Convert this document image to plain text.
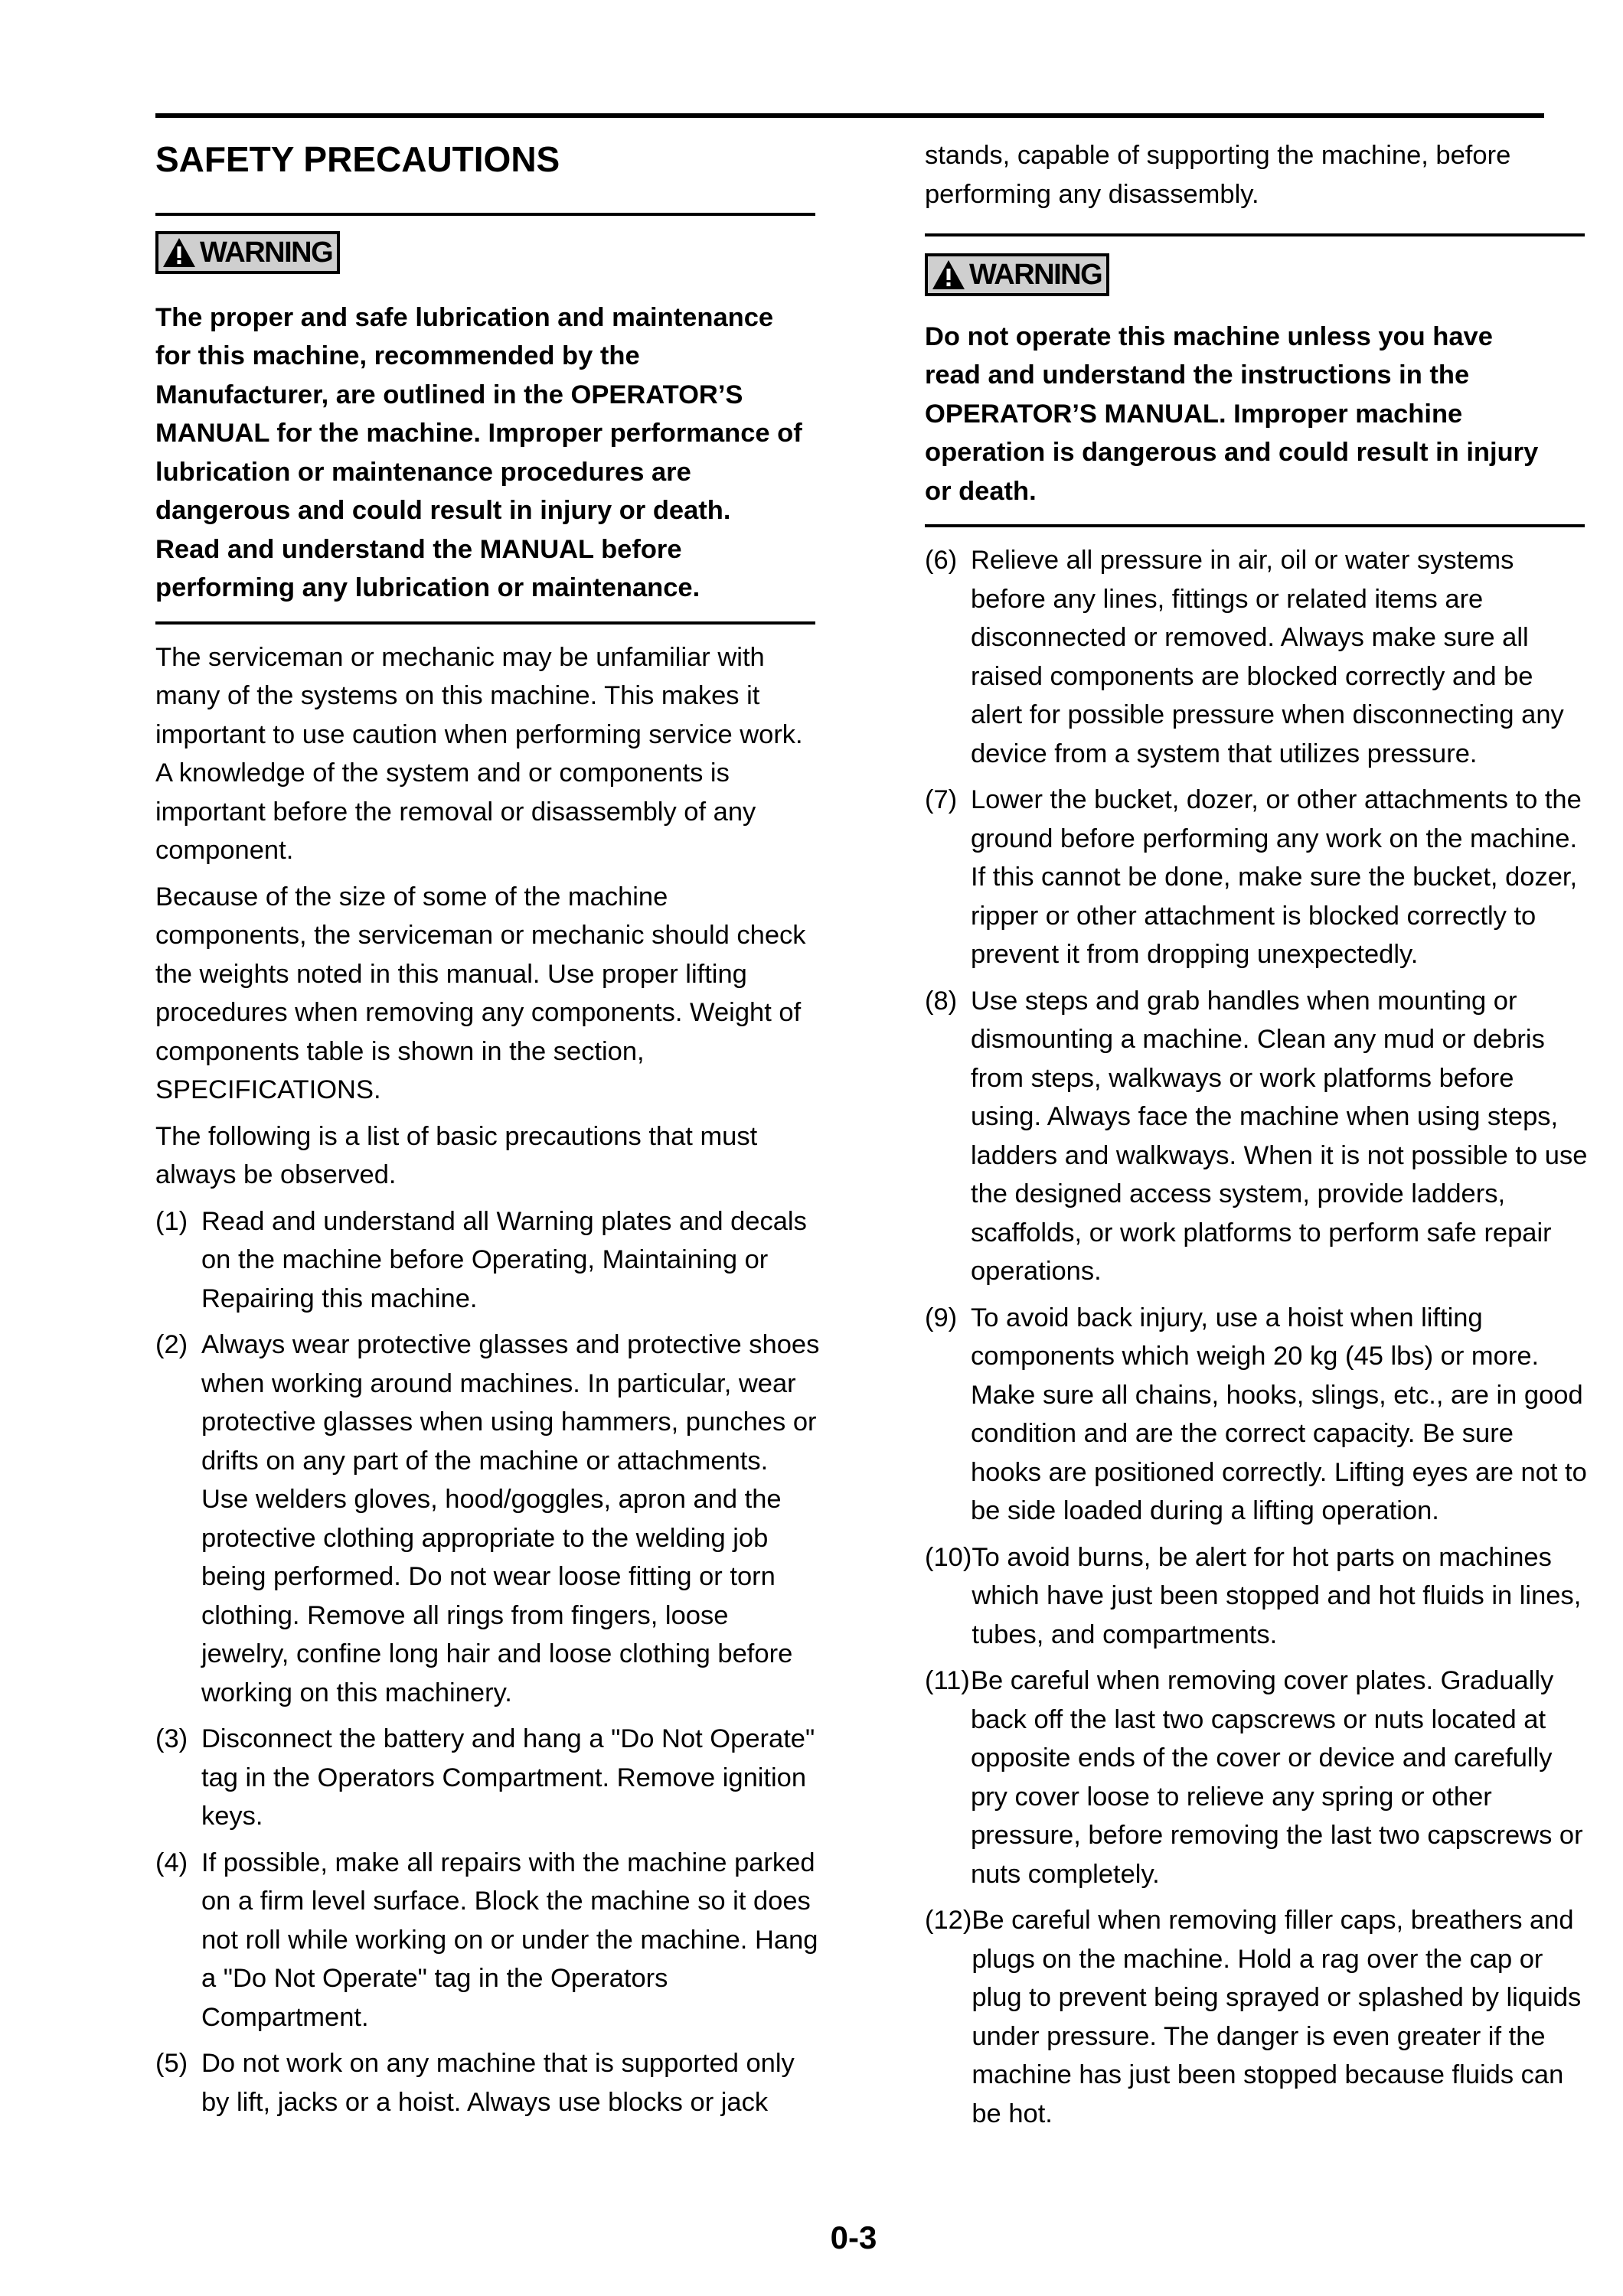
SAFETY PRECAUTIONS
WARNING

The proper and safe lubrication and maintenance for this machine, recommended by the Manufacturer, are outlined in the OPERATOR’S MANUAL for the machine. Improper performance of lubrication or maintenance procedures are dangerous and could result in injury or death. Read and understand the MANUAL before performing any lubrication or maintenance.

The serviceman or mechanic may be unfamiliar with many of the systems on this machine. This makes it important to use caution when performing service work. A knowledge of the system and or components is important before the removal or disassembly of any component.

Because of the size of some of the machine components, the serviceman or mechanic should check the weights noted in this manual. Use proper lifting procedures when removing any components. Weight of components table is shown in the section, SPECIFICATIONS.

The following is a list of basic precautions that must always be observed.

(1) Read and understand all Warning plates and decals on the machine before Operating, Maintaining or Repairing this machine.
(2) Always wear protective glasses and protective shoes when working around machines. In particular, wear protective glasses when using hammers, punches or drifts on any part of the machine or attachments. Use welders gloves, hood/goggles, apron and the protective clothing appropriate to the welding job being performed. Do not wear loose fitting or torn clothing. Remove all rings from fingers, loose jewelry, confine long hair and loose clothing before working on this machinery.
(3) Disconnect the battery and hang a "Do Not Operate" tag in the Operators Compartment. Remove ignition keys.
(4) If possible, make all repairs with the machine parked on a firm level surface. Block the machine so it does not roll while working on or under the machine. Hang a "Do Not Operate" tag in the Operators Compartment.
(5) Do not work on any machine that is supported only by lift, jacks or a hoist. Always use blocks or jack

stands, capable of supporting the machine, before performing any disassembly.

WARNING

Do not operate this machine unless you have read and understand the instructions in the OPERATOR’S MANUAL. Improper machine operation is dangerous and could result in injury or death.

(6) Relieve all pressure in air, oil or water systems before any lines, fittings or related items are disconnected or removed. Always make sure all raised components are blocked correctly and be alert for possible pressure when disconnecting any device from a system that utilizes pressure.
(7) Lower the bucket, dozer, or other attachments to the ground before performing any work on the machine. If this cannot be done, make sure the bucket, dozer, ripper or other attachment is blocked correctly to prevent it from dropping unexpectedly.
(8) Use steps and grab handles when mounting or dismounting a machine. Clean any mud or debris from steps, walkways or work platforms before using. Always face the machine when using steps, ladders and walkways. When it is not possible to use the designed access system, provide ladders, scaffolds, or work platforms to perform safe repair operations.
(9) To avoid back injury, use a hoist when lifting components which weigh 20 kg (45 lbs) or more. Make sure all chains, hooks, slings, etc., are in good condition and are the correct capacity. Be sure hooks are positioned correctly. Lifting eyes are not to be side loaded during a lifting operation.
(10) To avoid burns, be alert for hot parts on machines which have just been stopped and hot fluids in lines, tubes, and compartments.
(11) Be careful when removing cover plates. Gradually back off the last two capscrews or nuts located at opposite ends of the cover or device and carefully pry cover loose to relieve any spring or other pressure, before removing the last two capscrews or nuts completely.
(12) Be careful when removing filler caps, breathers and plugs on the machine. Hold a rag over the cap or plug to prevent being sprayed or splashed by liquids under pressure. The danger is even greater if the machine has just been stopped because fluids can be hot.
0-3
